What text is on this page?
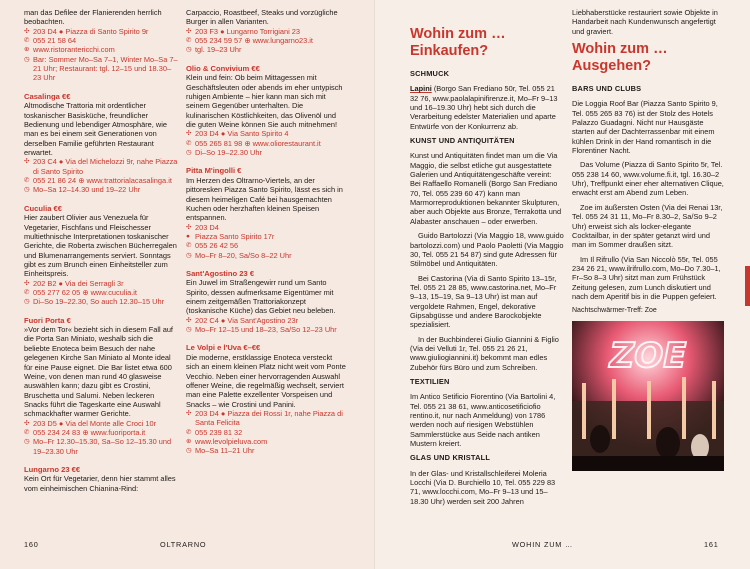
man das Defilee der Flanierenden herrlich

beobachten.

✣ 203 D4 ● Piazza di Santo Spirito 9r
✆ 055 21 58 64
⊕ www.ristorantericchi.com
◷ Bar: Sommer Mo–Sa 7–1, Winter Mo–Sa 7–21 Uhr; Restaurant: tgl. 12–15 und 18.30–23 Uhr
Casalinga €€

Altmodische Trattoria mit ordentlicher toskanischer Basisküche, freundlicher Bedienung und lebendiger Atmosphäre, wie man es bei einem seit Generationen von derselben Familie geführten Restaurant erwartet.

✣ 203 C4 ● Via del Michelozzi 9r, nahe Piazza di Santo Spirito
✆ 055 21 86 24 ⊕ www.trattorialacasalinga.it
◷ Mo–Sa 12–14.30 und 19–22 Uhr
Cuculia €€

Hier zaubert Olivier aus Venezuela für Vegetarier, Fischfans und Fleischesser multiethnische Interpretationen toskanischer Gerichte, die Roberta zwischen Bücherregalen und Blumenarrangements serviert. Sonntags gibt es zum Brunch einen Einheitsteller zum Einheitspreis.

✣ 202 B2 ● Via dei Serragli 3r
✆ 055 277 62 05 ⊕ www.cuculia.it
◷ Di–So 19–22.30, So auch 12.30–15 Uhr
Fuori Porta €

»Vor dem Tor« bezieht sich in diesem Fall auf die Porta San Miniato, weshalb sich die beliebte Enoteca beim Besuch der nahe gelegenen Kirche San Miniato al Monte ideal für eine Pause eignet. Die Bar listet etwa 600 Weine, von denen man rund 40 glasweise auswählen kann; dazu gibt es Crostini, Bruschetta und Salumi. Neben leckeren Snacks führt die Tageskarte eine Auswahl schmackhafter warmer Gerichte.

✣ 203 D5 ● Via del Monte alle Croci 10r
✆ 055 234 24 83 ⊕ www.fuoriporta.it
◷ Mo–Fr 12.30–15.30, Sa–So 12–15.30 und 19–23.30 Uhr
Lungarno 23 €€

Kein Ort für Vegetarier, denn hier stammt alles vom einheimischen Chianina-Rind:

Carpaccio, Roastbeef, Steaks und vorzügliche Burger in allen Varianten.

✣ 203 F3 ● Lungarno Torrigiani 23
✆ 055 234 59 57 ⊕ www.lungarno23.it
◷ tgl. 19–23 Uhr
Olio & Convivium €€

Klein und fein: Ob beim Mittagessen mit Geschäftsleuten oder abends im eher untypisch ruhigen Ambiente – hier kann man sich mit seinem Gegenüber unterhalten. Die kulinarischen Köstlichkeiten, das Olivenöl und die guten Weine können Sie auch mitnehmen!

✣ 203 D4 ● Via Santo Spirito 4
✆ 055 265 81 98 ⊕ www.oliorestaurant.it
◷ Di–So 19–22.30 Uhr
Pitta M'ingolli €

Im Herzen des Oltrarno-Viertels, an der pittoresken Piazza Santo Spirito, lässt es sich in diesem heimeligen Café bei hausgemachten Kuchen oder herzhaften kleinen Speisen entspannen.

✣ 203 D4
● Piazza Santo Spirito 17r
✆ 055 26 42 56
◷ Mo–Fr 8–20, Sa/So 8–22 Uhr
Sant'Agostino 23 €

Ein Juwel im Straßengewirr rund um Santo Spirito, dessen aufmerksame Eigentümer mit einem zeitgemäßen Trattoriakonzept (toskanische Küche) das Gebiet neu beleben.

✣ 202 C4 ● Via Sant'Agostino 23r
◷ Mo–Fr 12–15 und 18–23, Sa/So 12–23 Uhr
Le Volpi e l'Uva €–€€

Die moderne, erstklassige Enoteca versteckt sich an einem kleinen Platz nicht weit vom Ponte Vecchio. Neben einer hervorragenden Auswahl offener Weine, die regelmäßig wechselt, serviert man eine Palette exzellenter Vorspeisen und Snacks – wie Crostini und Panini.

✣ 203 D4 ● Piazza dei Rossi 1r, nahe Piazza di Santa Felicita
✆ 055 239 81 32
⊕ www.levolpieluva.com
◷ Mo–Sa 11–21 Uhr
160	OLTRARNO
Wohin zum …
Einkaufen?
SCHMUCK

Lapini (Borgo San Frediano 50r, Tel. 055 21 32 76, www.paolalapinifirenze.it, Mo–Fr 9–13 und 16–19.30 Uhr) hebt sich durch die Verarbeitung edelster Materialien und aparte Entwürfe von der Konkurrenz ab.

KUNST UND ANTIQUITÄTEN

Kunst und Antiquitäten findet man um die Via Maggio, die selbst etliche gut ausgestattete Galerien und Antiquitätengeschäfte vereint: Bei Raffaello Romanelli (Borgo San Frediano 70, Tel. 055 239 60 47) kann man Marmorreproduktionen bekannter Skulpturen, aber auch Objekte aus Bronze, Terrakotta und Alabaster anschauen – oder erwerben.

Guido Bartolozzi (Via Maggio 18, www.guido bartolozzi.com) und Paolo Paoletti (Via Maggio 30, Tel. 055 21 54 87) sind gute Adressen für Stilmöbel und Antiquitäten.

Bei Castorina (Via di Santo Spirito 13–15r, Tel. 055 21 28 85, www.castorina.net, Mo–Fr 9–13, 15–19, Sa 9–13 Uhr) ist man auf vergoldete Rahmen, Engel, dekorative Gipsabgüsse und andere Barockobjekte spezialisiert.

In der Buchbinderei Giulio Giannini & Figlio (Via dei Velluti 1r, Tel. 055 21 26 21, www.giuliogiannini.it) bekommt man edles Zubehör fürs Büro und zum Schreiben.

TEXTILIEN

Im Antico Setificio Fiorentino (Via Bartolini 4, Tel. 055 21 38 61, www.anticosetificiofio rentino.it, nur nach Anmeldung) von 1786 werden noch auf riesigen Webstühlen Sammlerstücke aus Seide nach antiken Mustern kreiert.

GLAS UND KRISTALL

In der Glas- und Kristallschleiferei Moleria Locchi (Via D. Burchiello 10, Tel. 055 229 83 71, www.locchi.com, Mo–Fr 9–13 und 15–18.30 Uhr) werden seit 200 Jahren

Liebhaberstücke restauriert sowie Objekte in Handarbeit nach Kundenwunsch angefertigt und graviert.

Wohin zum …
Ausgehen?
BARS UND CLUBS

Die Loggia Roof Bar (Piazza Santo Spirito 9, Tel. 055 265 83 76) ist der Stolz des Hotels Palazzo Guadagni. Nicht nur Hausgäste starten auf der Dachterrassenbar mit einem kühlen Drink in der Hand romantisch in die Florentiner Nacht.

Das Volume (Piazza di Santo Spirito 5r, Tel. 055 238 14 60, www.volume.fi.it, tgl. 16.30–2 Uhr), Treffpunkt einer eher alternativen Clique, erwacht erst am Abend zum Leben.

Zoe im äußersten Osten (Via dei Renai 13r, Tel. 055 24 31 11, Mo–Fr 8.30–2, Sa/So 9–2 Uhr) erweist sich als locker-elegante Cocktailbar, in der später getanzt wird und man im Sommer draußen sitzt.

Im Il Rifrullo (Via San Niccolò 55r, Tel. 055 234 26 21, www.ilrifrullo.com, Mo–Do 7.30–1, Fr–So 8–3 Uhr) sitzt man zum Frühstück Zeitung gelesen, zum Lunch diskutiert und nach dem Aperitif bis in die Puppen gefeiert.

Nachtschwärmer-Treff: Zoe

ZOE
WOHIN ZUM …	161
